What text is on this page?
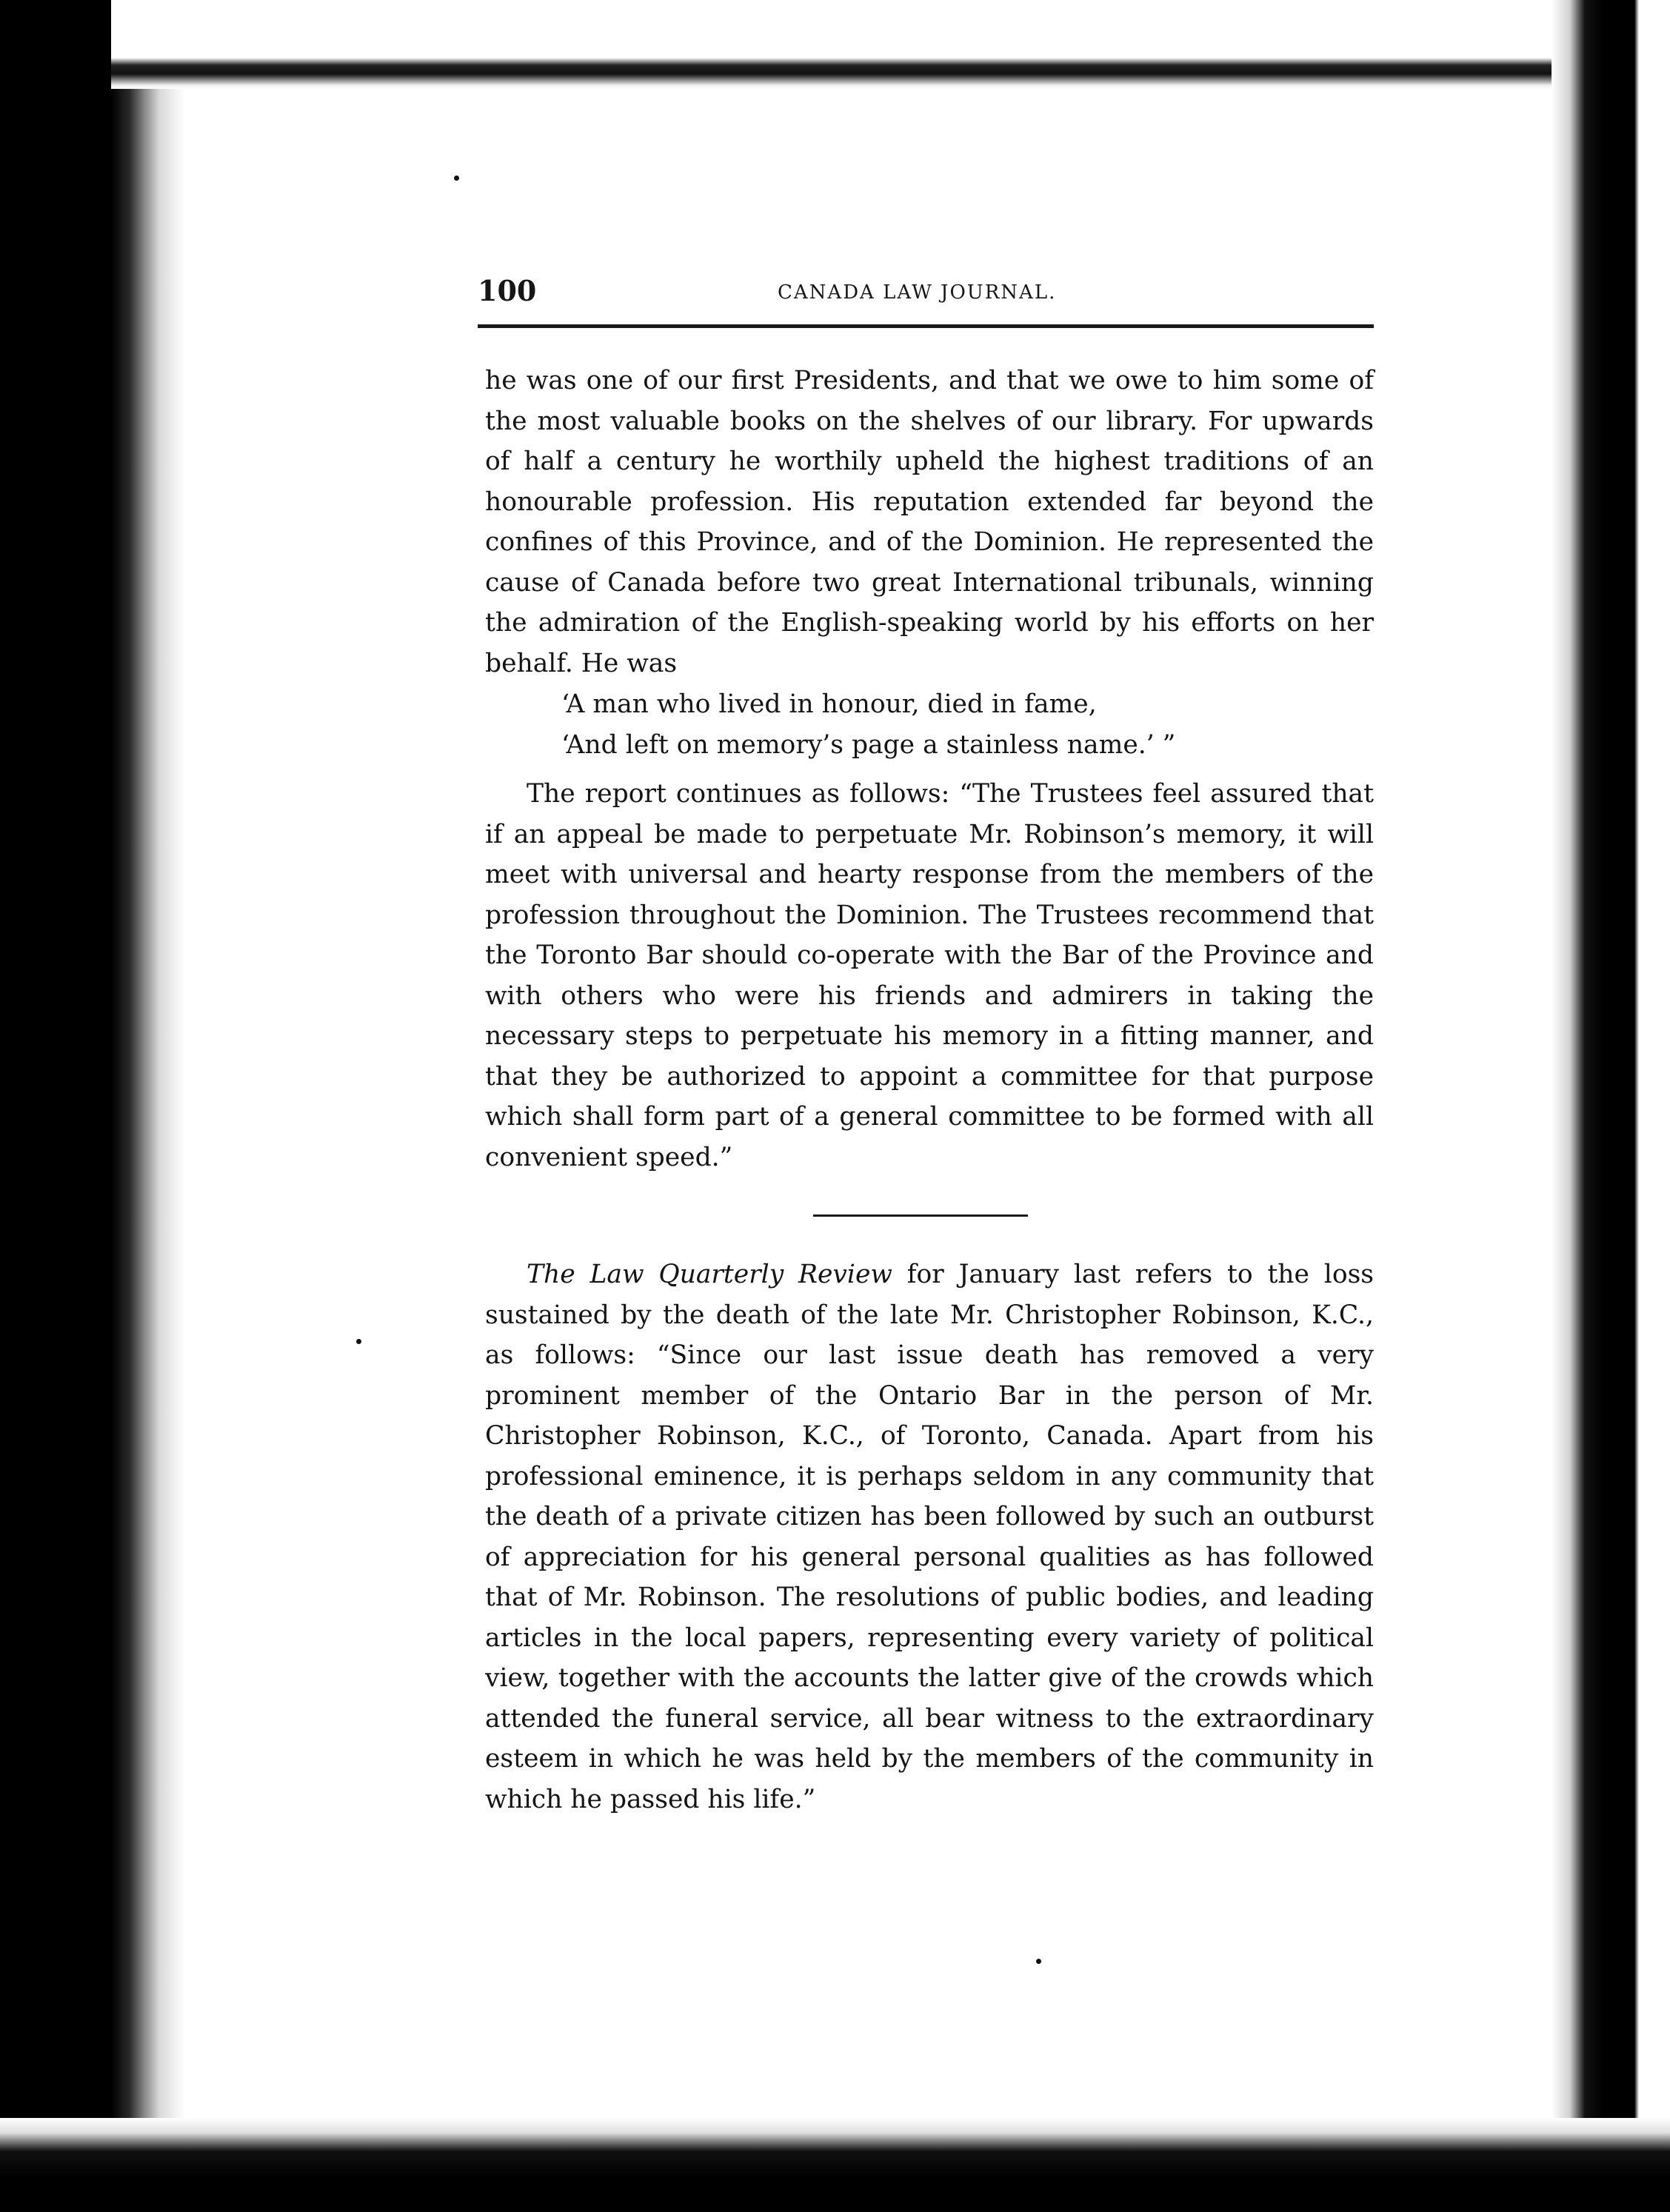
100	CANADA LAW JOURNAL.

he was one of our first Presidents, and that we owe to him some of the most valuable books on the shelves of our library. For upwards of half a century he worthily upheld the highest traditions of an honourable profession. His reputation extended far beyond the confines of this Province, and of the Dominion. He represented the cause of Canada before two great International tribunals, winning the admiration of the English-speaking world by his efforts on her behalf. He was

‘A man who lived in honour, died in fame,

‘And left on memory’s page a stainless name.’ ”

The report continues as follows: “The Trustees feel assured that if an appeal be made to perpetuate Mr. Robinson’s memory, it will meet with universal and hearty response from the members of the profession throughout the Dominion. The Trustees recommend that the Toronto Bar should co-operate with the Bar of the Province and with others who were his friends and admirers in taking the necessary steps to perpetuate his memory in a fitting manner, and that they be authorized to appoint a committee for that purpose which shall form part of a general committee to be formed with all convenient speed.”

The Law Quarterly Review for January last refers to the loss sustained by the death of the late Mr. Christopher Robinson, K.C., as follows: “Since our last issue death has removed a very prominent member of the Ontario Bar in the person of Mr. Christopher Robinson, K.C., of Toronto, Canada. Apart from his professional eminence, it is perhaps seldom in any community that the death of a private citizen has been followed by such an outburst of appreciation for his general personal qualities as has followed that of Mr. Robinson. The resolutions of public bodies, and leading articles in the local papers, representing every variety of political view, together with the accounts the latter give of the crowds which attended the funeral service, all bear witness to the extraordinary esteem in which he was held by the members of the community in which he passed his life.”
